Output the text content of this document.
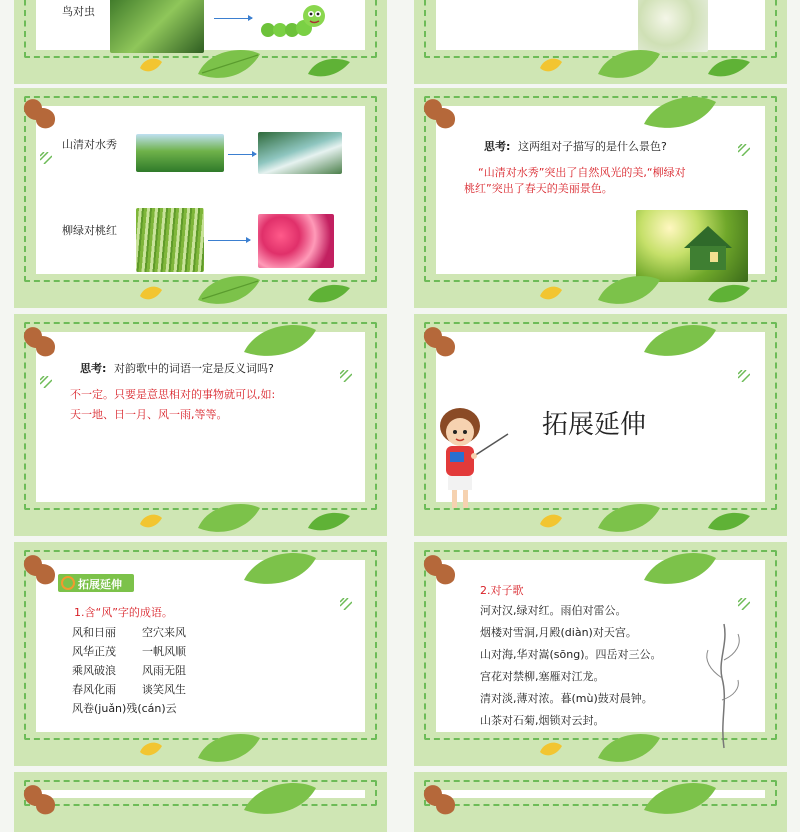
鸟对虫
山清对水秀
柳绿对桃红
思考: 这两组对子描写的是什么景色?
“山清对水秀”突出了自然风光的美,“柳绿对
桃红”突出了春天的美丽景色。
思考: 对韵歌中的词语一定是反义词吗?
不一定。只要是意思相对的事物就可以,如:
天一地、日一月、风一雨,等等。	拓展延伸
拓展延伸
1.含“风”字的成语。
风和日丽 空穴来风
风华正茂 一帆风顺
乘风破浪 风雨无阻
春风化雨 谈笑风生
风卷(juǎn)残(cán)云
2.对子歌
河对汉,绿对红。雨伯对雷公。
烟楼对雪洞,月殿(diàn)对天宫。
山对海,华对嵩(sōng)。四岳对三公。
宫花对禁柳,塞雁对江龙。
清对淡,薄对浓。暮(mù)鼓对晨钟。
山茶对石菊,烟锁对云封。
